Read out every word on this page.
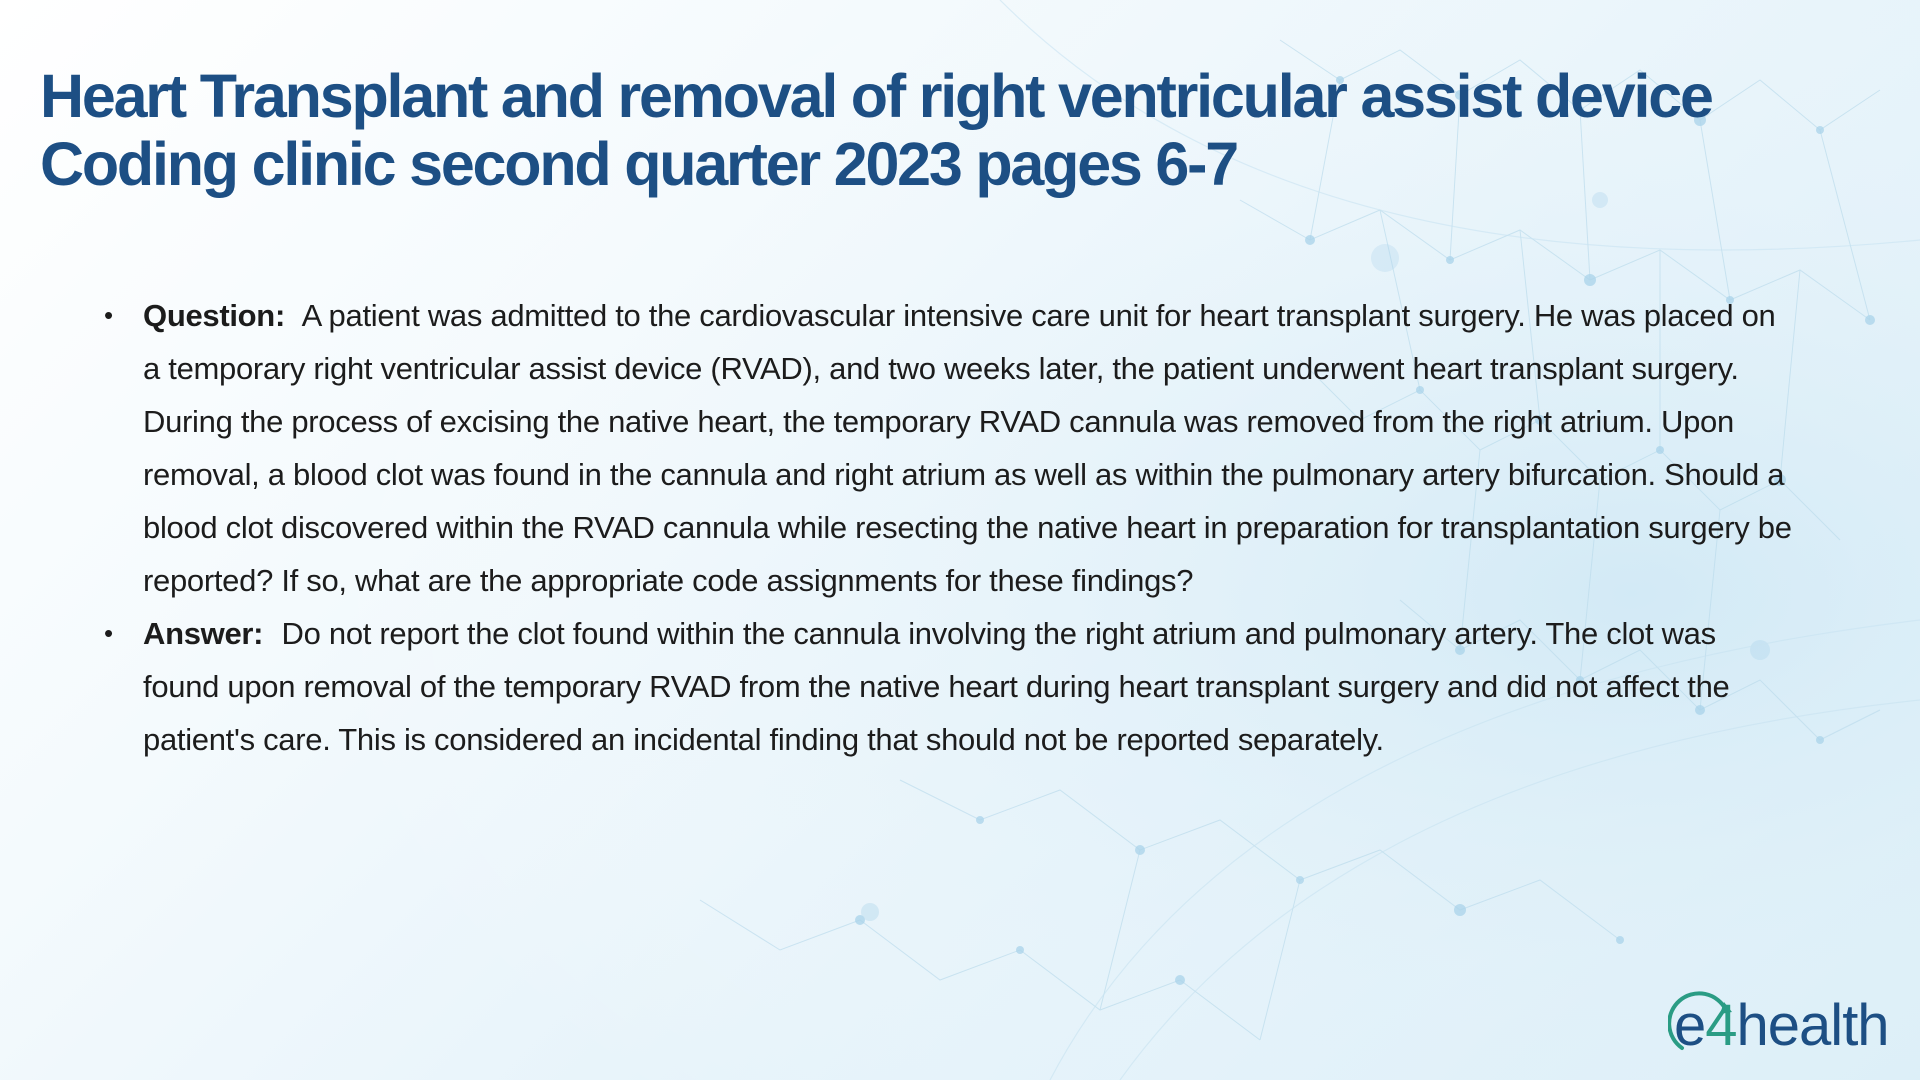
Heart Transplant and removal of right ventricular assist device
Coding clinic second quarter 2023 pages 6-7
• Question: A patient was admitted to the cardiovascular intensive care unit for heart transplant surgery. He was placed on a temporary right ventricular assist device (RVAD), and two weeks later, the patient underwent heart transplant surgery. During the process of excising the native heart, the temporary RVAD cannula was removed from the right atrium. Upon removal, a blood clot was found in the cannula and right atrium as well as within the pulmonary artery bifurcation. Should a blood clot discovered within the RVAD cannula while resecting the native heart in preparation for transplantation surgery be reported? If so, what are the appropriate code assignments for these findings?
• Answer: Do not report the clot found within the cannula involving the right atrium and pulmonary artery. The clot was found upon removal of the temporary RVAD from the native heart during heart transplant surgery and did not affect the patient's care. This is considered an incidental finding that should not be reported separately.
e4health
